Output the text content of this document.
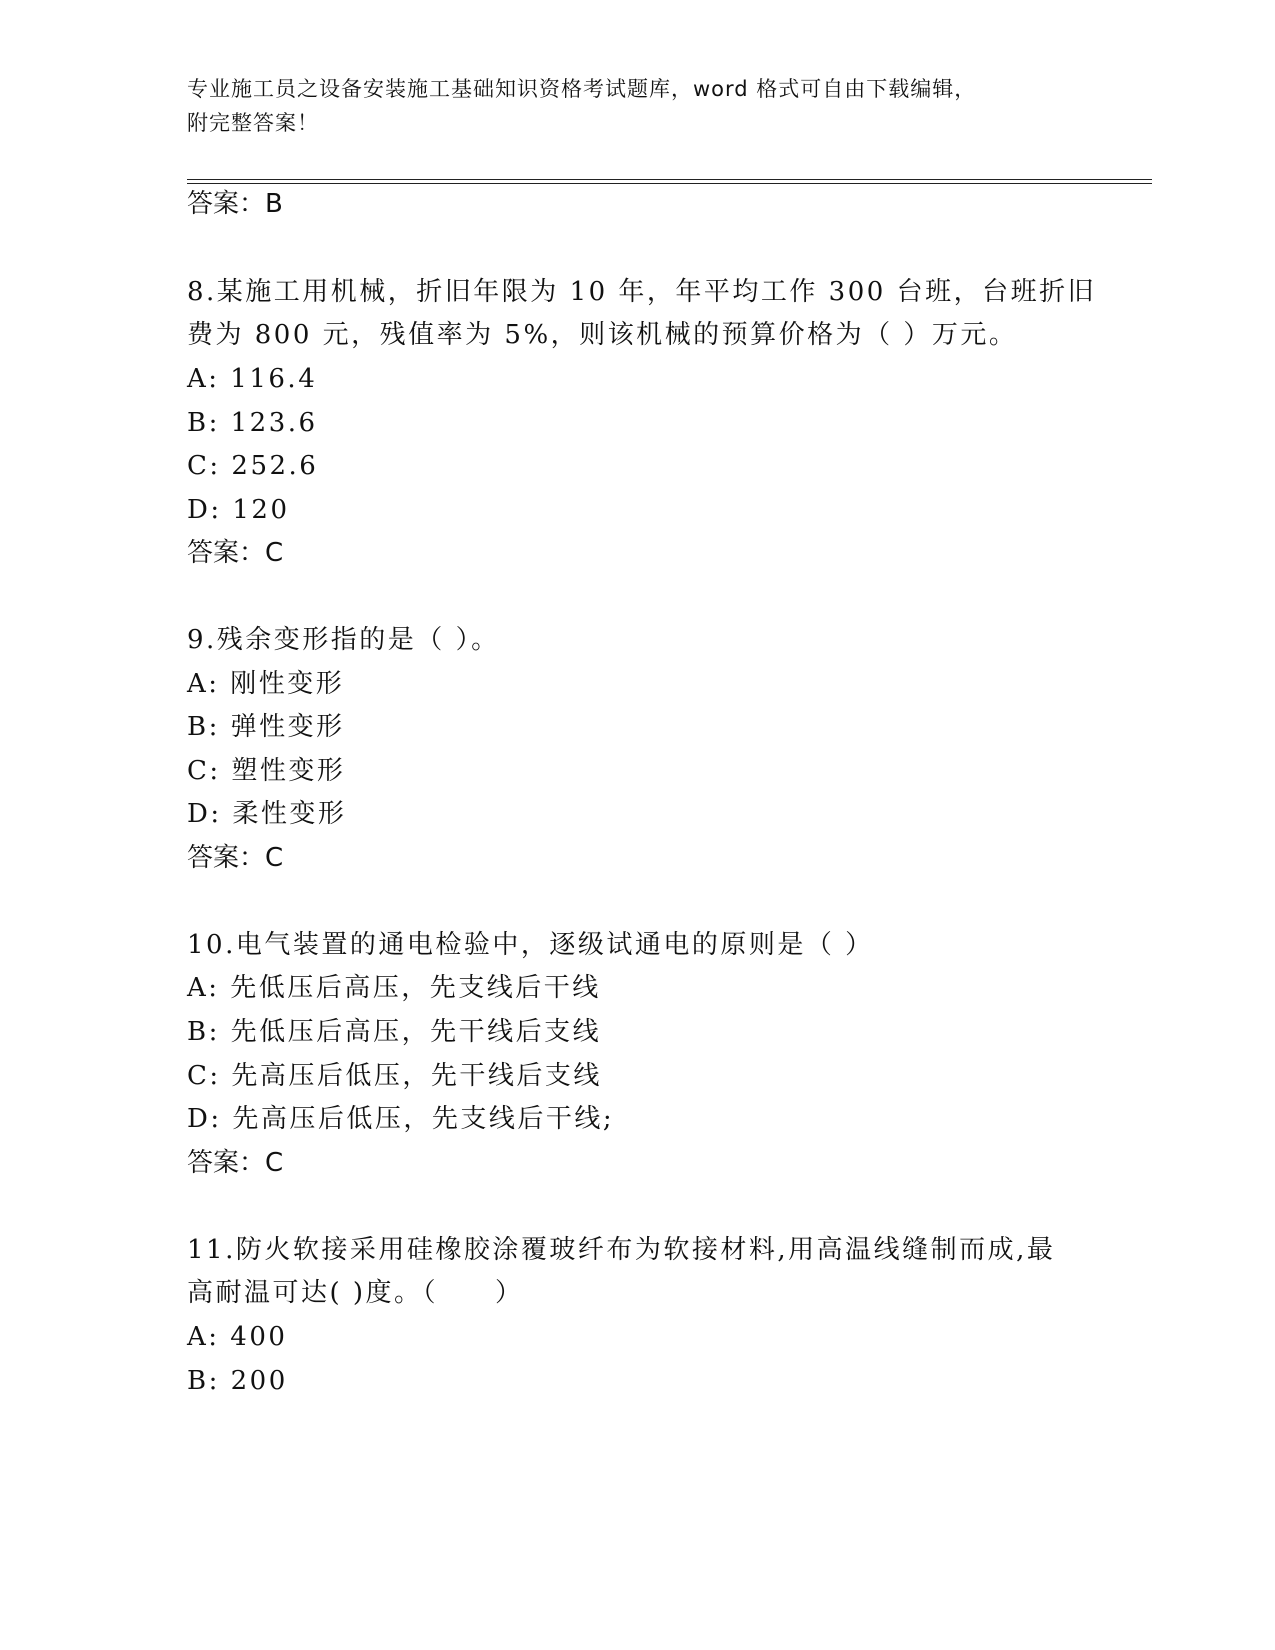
专业施工员之设备安装施工基础知识资格考试题库，word 格式可自由下载编辑，
附完整答案！
答案：B
8.某施工用机械，折旧年限为 10 年，年平均工作 300 台班，台班折旧
费为 800 元，残值率为 5%，则该机械的预算价格为（ ）万元。
A: 116.4
B: 123.6
C: 252.6
D: 120
答案：C
9.残余变形指的是（ ）。
A: 刚性变形
B: 弹性变形
C: 塑性变形
D: 柔性变形
答案：C
10.电气装置的通电检验中，逐级试通电的原则是（ ）
A: 先低压后高压，先支线后干线
B: 先低压后高压，先干线后支线
C: 先高压后低压，先干线后支线
D: 先高压后低压，先支线后干线;
答案：C
11.防火软接采用硅橡胶涂覆玻纤布为软接材料,用高温线缝制而成,最
高耐温可达( )度。（　　）
A: 400
B: 200
